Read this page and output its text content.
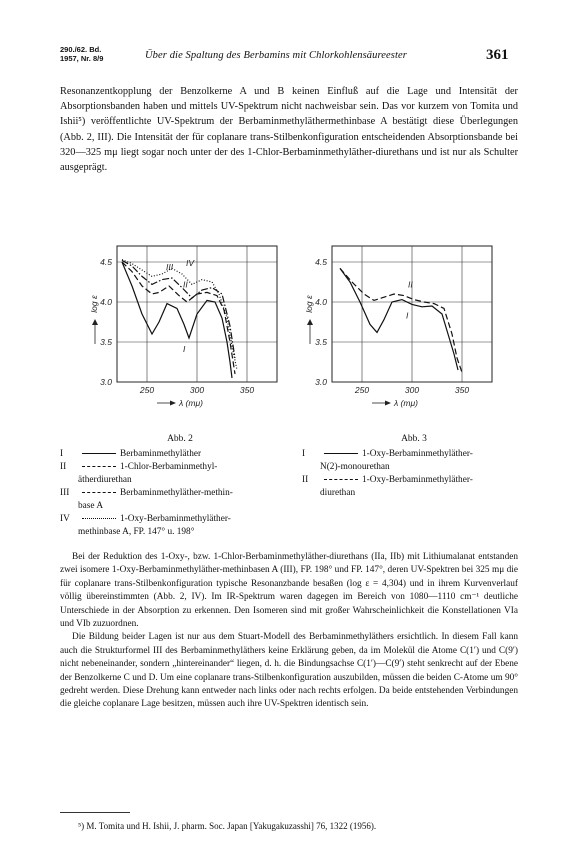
290./62. Bd.
1957, Nr. 8/9	Über die Spaltung des Berbamins mit Chlorkohlensäureester	361

Resonanzentkopplung der Benzolkerne A und B keinen Einfluß auf die Lage und Intensität der Absorptionsbanden haben und mittels UV-Spektrum nicht nachweisbar sein. Das vor kurzem von Tomita und Ishii⁵) veröffentlichte UV-Spektrum der Berbaminmethyläthermethinbase A bestätigt diese Überlegungen (Abb. 2, III). Die Intensität der für coplanare trans-Stilbenkonfiguration entscheidenden Absorptionsbande bei 320—325 mμ liegt sogar noch unter der des 1-Chlor-Berbaminmethyläther-diurethans und ist nur als Schulter ausgeprägt.

3.0
3.5
4.0
4.5
250	300	350
log ε
λ (mμ)
I
II
III IV
3.0
3.5
4.0
4.5
250	300	350
log ε
λ (mμ)
I
II
Abb. 2
I	Berbaminmethyläther
II	1-Chlor-Berbaminmethyl-
ätherdiurethan
III	Berbaminmethyläther-methin-
base A
IV	1-Oxy-Berbaminmethyläther-
methinbase A, FP. 147° u. 198°
Abb. 3
I	1-Oxy-Berbaminmethyläther-
N(2)-monourethan
II	1-Oxy-Berbaminmethyläther-
diurethan

Bei der Reduktion des 1-Oxy-, bzw. 1-Chlor-Berbaminmethyläther-diurethans (IIa, IIb) mit Lithiumalanat entstanden zwei isomere 1-Oxy-Berbaminmethyläther-methinbasen A (III), FP. 198° und FP. 147°, deren UV-Spektren bei 325 mμ die für coplanare trans-Stilbenkonfiguration typische Resonanzbande besaßen (log ε = 4,304) und in ihrem Kurvenverlauf völlig übereinstimmten (Abb. 2, IV). Im IR-Spektrum waren dagegen im Bereich von 1080—1110 cm⁻¹ deutliche Unterschiede in der Absorption zu erkennen. Den Isomeren sind mit großer Wahrscheinlichkeit die Konstellationen VIa und VIb zuzuordnen.

Die Bildung beider Lagen ist nur aus dem Stuart-Modell des Berbaminmethyläthers ersichtlich. In diesem Fall kann auch die Strukturformel III des Berbaminmethyläthers keine Erklärung geben, da im Molekül die Atome C(1′) und C(9′) nicht nebeneinander, sondern „hintereinander“ liegen, d. h. die Bindungsachse C(1′)—C(9′) steht senkrecht auf der Ebene der Benzolkerne C und D. Um eine coplanare trans-Stilbenkonfiguration auszubilden, müssen die beiden C-Atome um 90° gedreht werden. Diese Drehung kann entweder nach links oder nach rechts erfolgen. Da beide entstehenden Verbindungen die gleiche coplanare Lage besitzen, müssen auch ihre UV-Spektren identisch sein.

⁵) M. Tomita und H. Ishii, J. pharm. Soc. Japan [Yakugakuzasshi] 76, 1322 (1956).
